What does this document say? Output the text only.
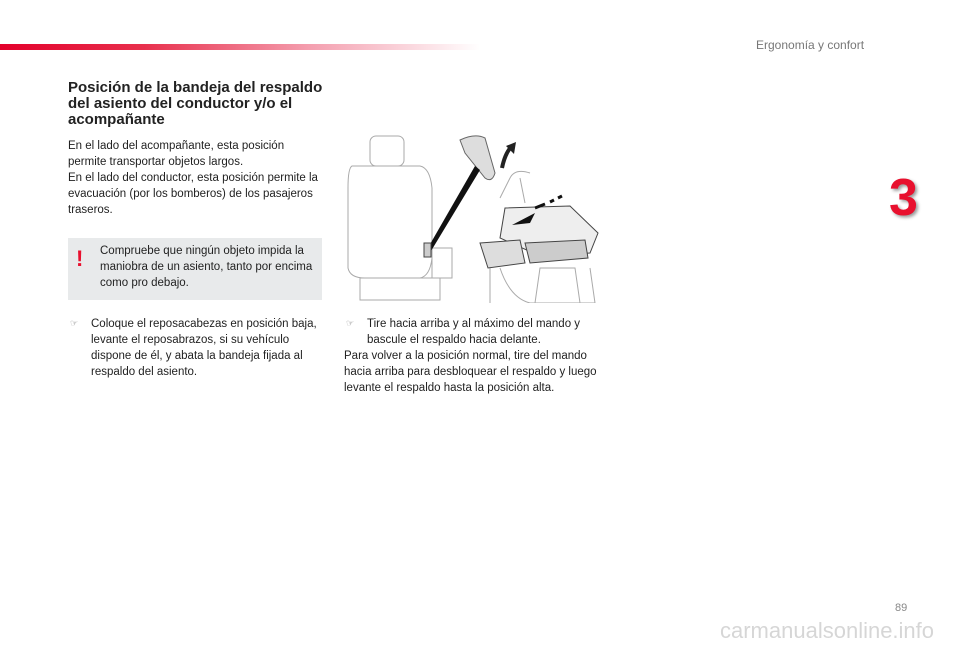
Ergonomía y confort
3
Posición de la bandeja del respaldo del asiento del conductor y/o el acompañante
En el lado del acompañante, esta posición permite transportar objetos largos.
En el lado del conductor, esta posición permite la evacuación (por los bomberos) de los pasajeros traseros.
! Compruebe que ningún objeto impida la maniobra de un asiento, tanto por encima como pro debajo.
☞ Coloque el reposacabezas en posición baja, levante el reposabrazos, si su vehículo dispone de él, y abata la bandeja fijada al respaldo del asiento.
☞ Tire hacia arriba y al máximo del mando y bascule el respaldo hacia delante.
Para volver a la posición normal, tire del mando hacia arriba para desbloquear el respaldo y luego levante el respaldo hasta la posición alta.
89
carmanualsonline.info
